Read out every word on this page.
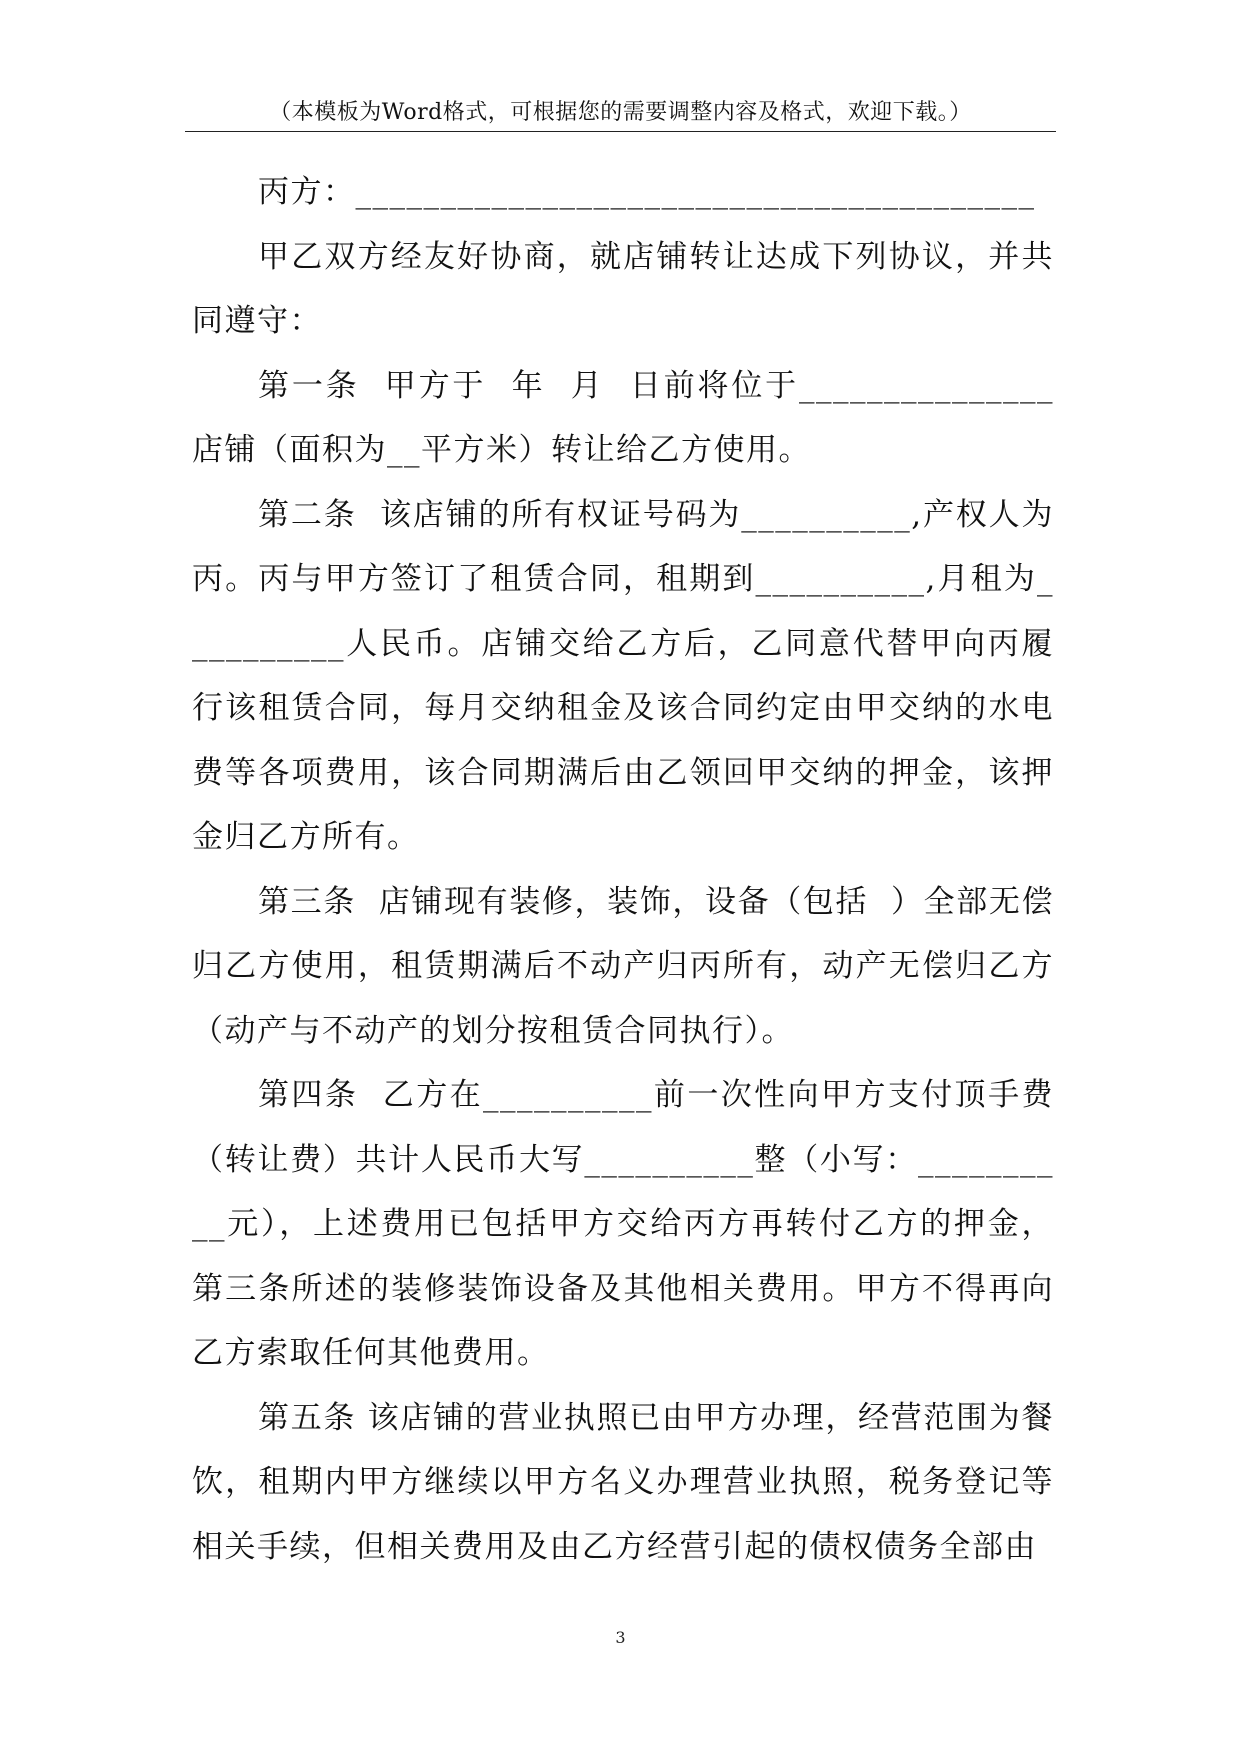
（本模板为Word格式，可根据您的需要调整内容及格式，欢迎下载。）

丙方：________________________________________

甲乙双方经友好协商，就店铺转让达成下列协议，并共同遵守：

第一条  甲方于  年  月  日前将位于_______________店铺（面积为__平方米）转让给乙方使用。

第二条  该店铺的所有权证号码为__________,产权人为丙。丙与甲方签订了租赁合同，租期到__________,月租为__________人民币。店铺交给乙方后，乙同意代替甲向丙履行该租赁合同，每月交纳租金及该合同约定由甲交纳的水电费等各项费用，该合同期满后由乙领回甲交纳的押金，该押金归乙方所有。

第三条  店铺现有装修，装饰，设备（包括  ）全部无偿归乙方使用，租赁期满后不动产归丙所有，动产无偿归乙方（动产与不动产的划分按租赁合同执行）。

第四条  乙方在__________前一次性向甲方支付顶手费（转让费）共计人民币大写__________整（小写：__________元），上述费用已包括甲方交给丙方再转付乙方的押金，第三条所述的装修装饰设备及其他相关费用。甲方不得再向乙方索取任何其他费用。

第五条 该店铺的营业执照已由甲方办理，经营范围为餐饮，租期内甲方继续以甲方名义办理营业执照，税务登记等相关手续，但相关费用及由乙方经营引起的债权债务全部由

3
